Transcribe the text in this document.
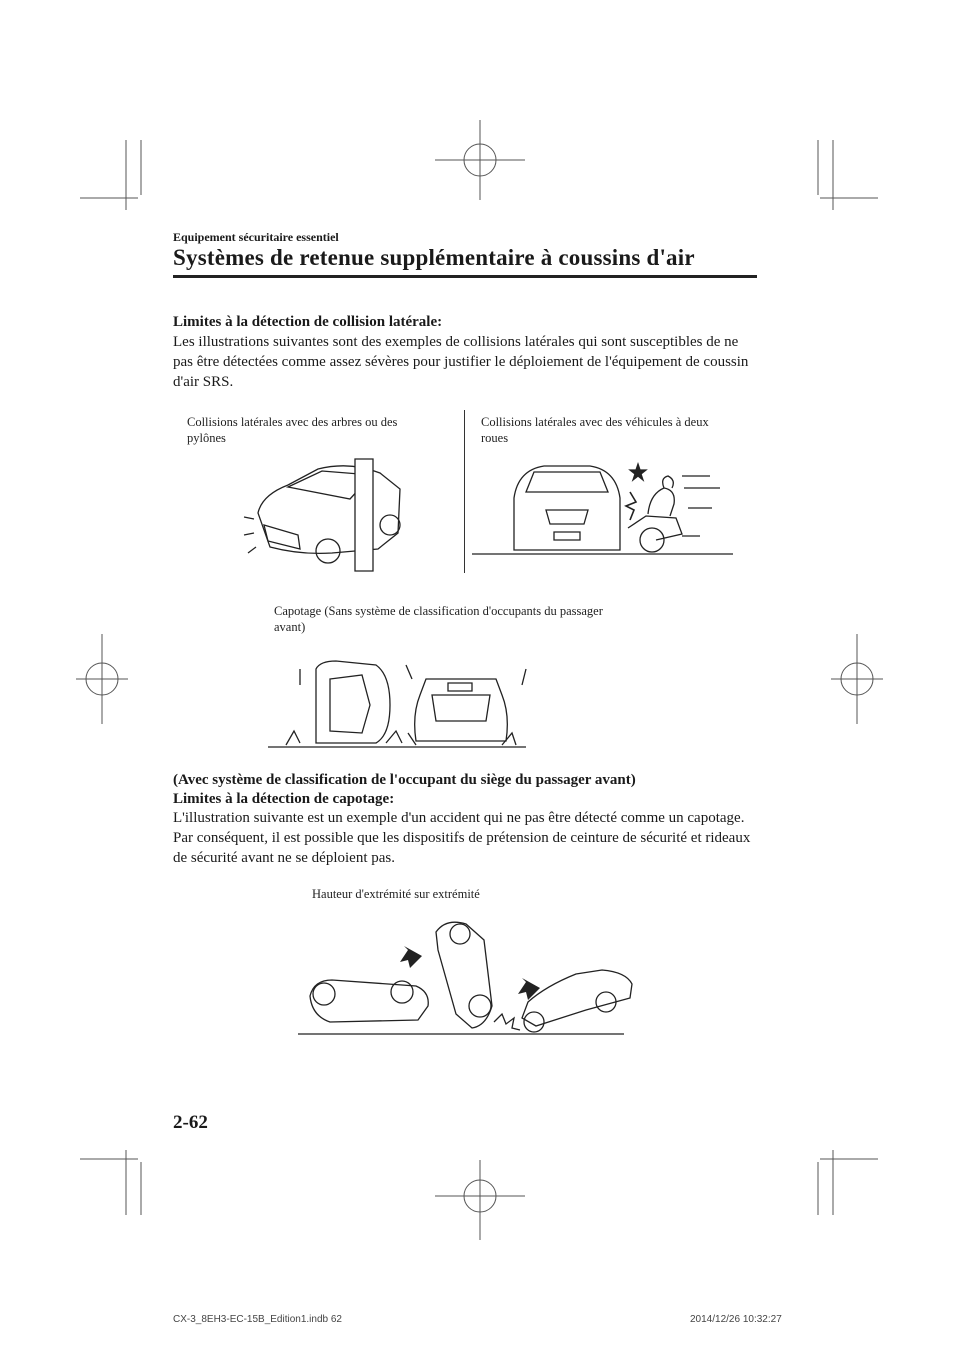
Equipement sécuritaire essentiel
Systèmes de retenue supplémentaire à coussins d'air
Limites à la détection de collision latérale:
Les illustrations suivantes sont des exemples de collisions latérales qui sont susceptibles de ne pas être détectées comme assez sévères pour justifier le déploiement de l'équipement de coussin d'air SRS.
Collisions latérales avec des arbres ou des
pylônes
Collisions latérales avec des véhicules à deux
roues
Capotage (Sans système de classification d'occupants du passager
avant)
(Avec système de classification de l'occupant du siège du passager avant)
Limites à la détection de capotage:
L'illustration suivante est un exemple d'un accident qui ne pas être détecté comme un capotage. Par conséquent, il est possible que les dispositifs de prétension de ceinture de sécurité et rideaux de sécurité avant ne se déploient pas.
Hauteur d'extrémité sur extrémité
2-62
CX-3_8EH3-EC-15B_Edition1.indb 62	2014/12/26 10:32:27
